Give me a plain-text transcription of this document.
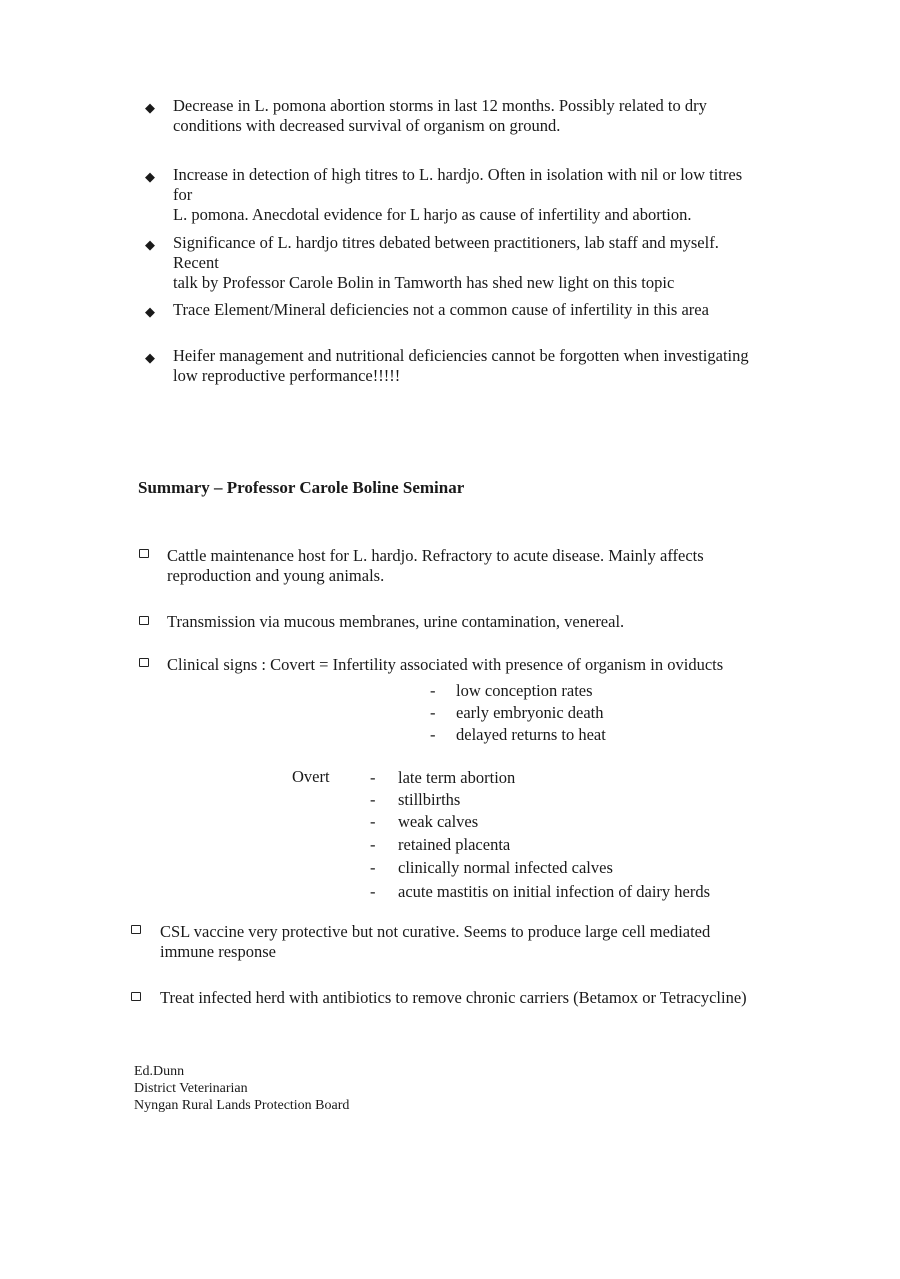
◆ Decrease in L. pomona abortion storms in last 12 months. Possibly related to dry
conditions with decreased survival of organism on ground.
◆ Increase in detection of high titres to L. hardjo. Often in isolation with nil or low titres for
L. pomona. Anecdotal evidence for L harjo as cause of infertility and abortion.
◆ Significance of L. hardjo titres debated between practitioners, lab staff and myself. Recent
talk by Professor Carole Bolin in Tamworth has shed new light on this topic
◆ Trace Element/Mineral deficiencies not a common cause of infertility in this area
◆ Heifer management and nutritional deficiencies cannot be forgotten when investigating
low reproductive performance!!!!!
Summary – Professor Carole Boline Seminar
Cattle maintenance host for L. hardjo. Refractory to acute disease. Mainly affects
reproduction and young animals.
Transmission via mucous membranes, urine contamination, venereal.
Clinical signs : Covert = Infertility associated with presence of organism in oviducts
- low conception rates
- early embryonic death
- delayed returns to heat
Overt - late term abortion
- stillbirths
- weak calves
- retained placenta
- clinically normal infected calves
- acute mastitis on initial infection of dairy herds
CSL vaccine very protective but not curative. Seems to produce large cell mediated
immune response
Treat infected herd with antibiotics to remove chronic carriers (Betamox or Tetracycline)
Ed.Dunn
District Veterinarian
Nyngan Rural Lands Protection Board
